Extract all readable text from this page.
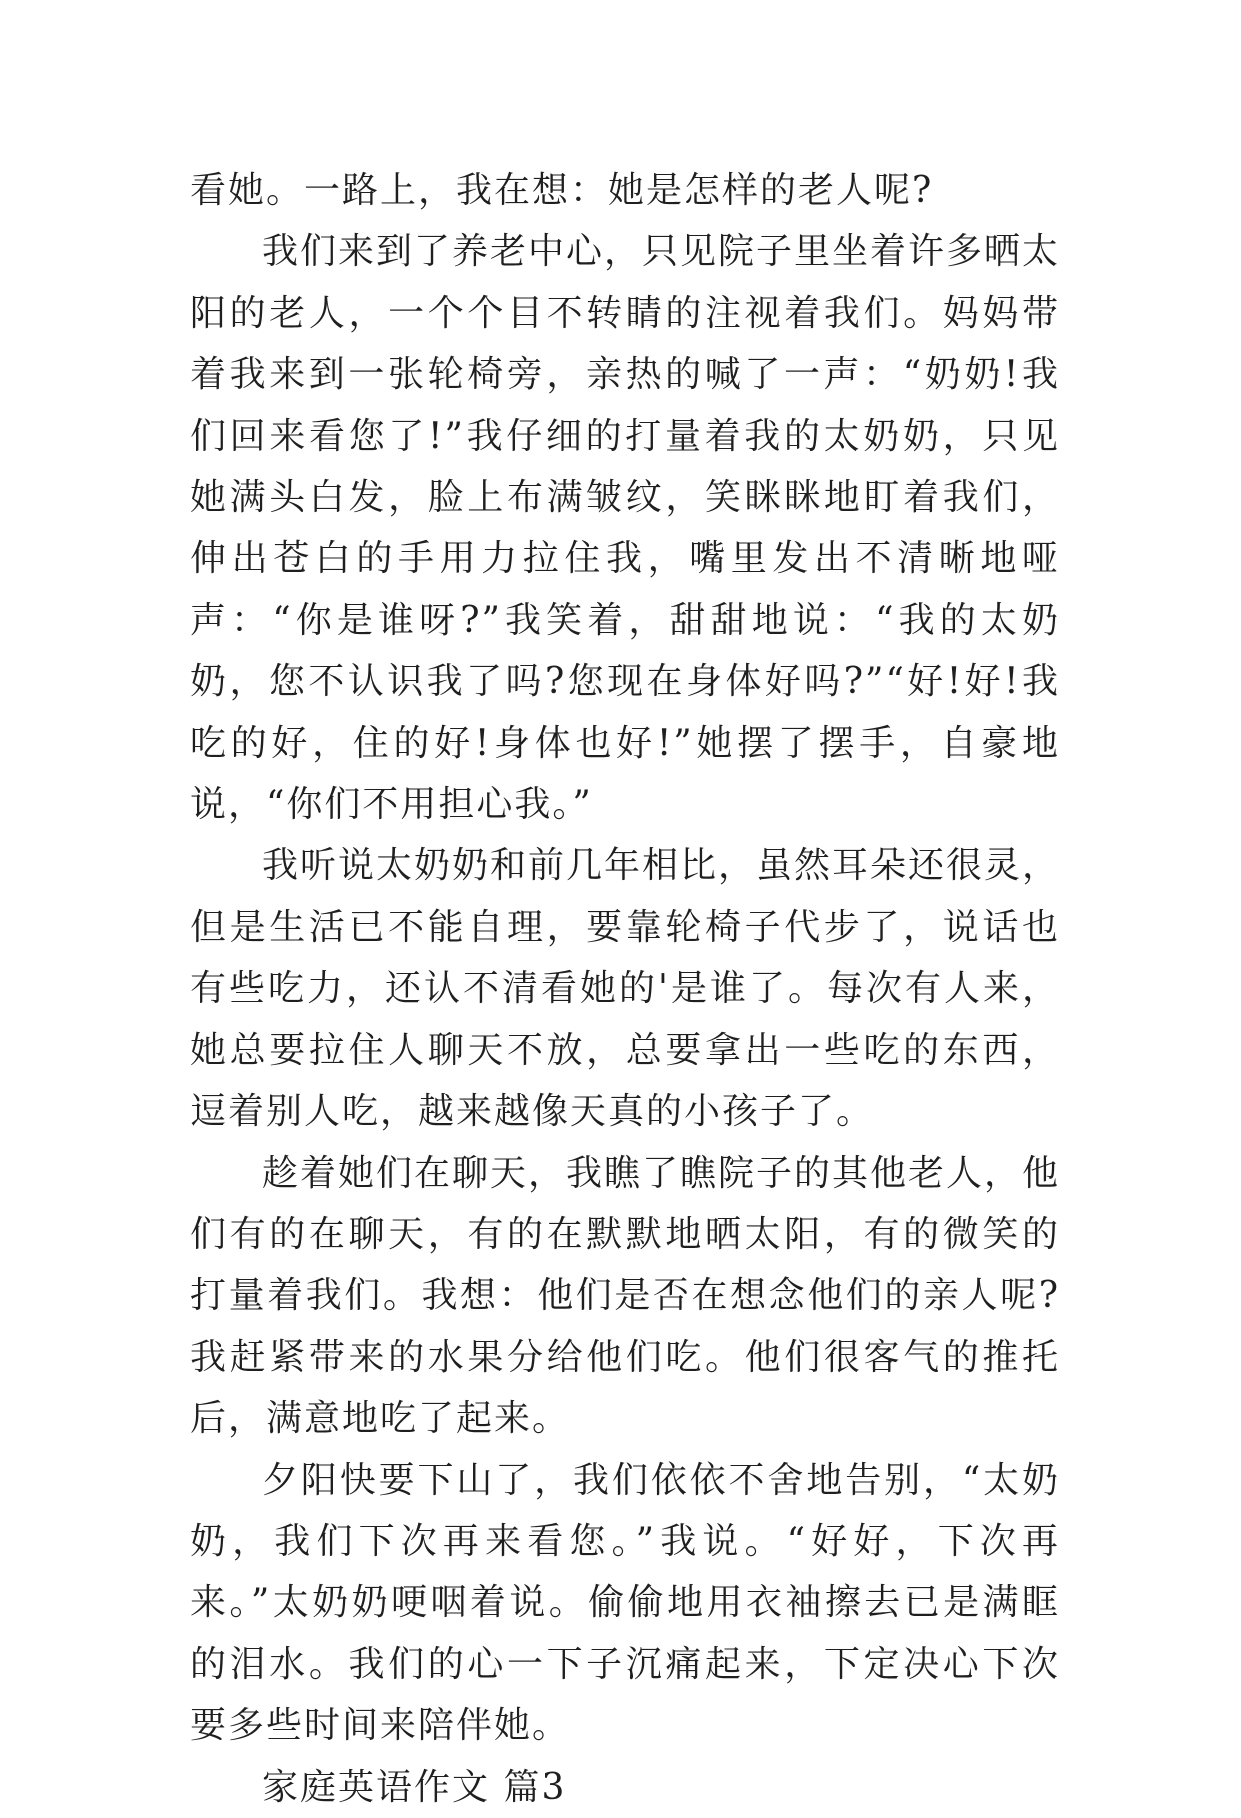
看她。一路上，我在想：她是怎样的老人呢?

我们来到了养老中心，只见院子里坐着许多晒太阳的老人，一个个目不转睛的注视着我们。妈妈带着我来到一张轮椅旁，亲热的喊了一声：“奶奶!我们回来看您了!”我仔细的打量着我的太奶奶，只见她满头白发，脸上布满皱纹，笑眯眯地盯着我们，伸出苍白的手用力拉住我，嘴里发出不清晰地哑声：“你是谁呀?”我笑着，甜甜地说：“我的太奶奶，您不认识我了吗?您现在身体好吗?”“好!好!我吃的好，住的好!身体也好!”她摆了摆手，自豪地说，“你们不用担心我。”

我听说太奶奶和前几年相比，虽然耳朵还很灵，但是生活已不能自理，要靠轮椅子代步了，说话也有些吃力，还认不清看她的'是谁了。每次有人来，她总要拉住人聊天不放，总要拿出一些吃的东西，逗着别人吃，越来越像天真的小孩子了。

趁着她们在聊天，我瞧了瞧院子的其他老人，他们有的在聊天，有的在默默地晒太阳，有的微笑的打量着我们。我想：他们是否在想念他们的亲人呢?我赶紧带来的水果分给他们吃。他们很客气的推托后，满意地吃了起来。

夕阳快要下山了，我们依依不舍地告别，“太奶奶，我们下次再来看您。”我说。“好好，下次再来。”太奶奶哽咽着说。偷偷地用衣袖擦去已是满眶的泪水。我们的心一下子沉痛起来，下定决心下次要多些时间来陪伴她。

家庭英语作文 篇3
